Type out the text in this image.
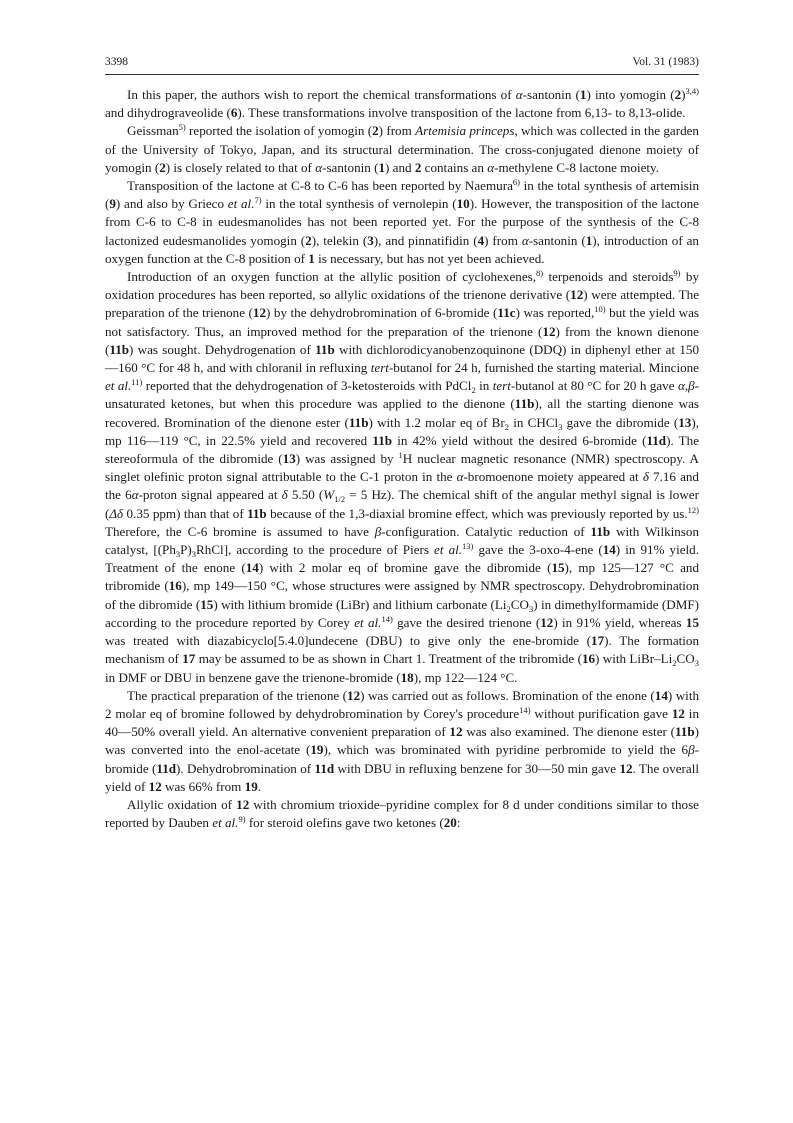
3398	Vol. 31 (1983)

In this paper, the authors wish to report the chemical transformations of α-santonin (1) into yomogin $(2)^{3,4)}$ and dihydrograveolide (6). These transformations involve transposition of the lactone from 6,13- to 8,13-olide.

Geissman$^{5)}$ reported the isolation of yomogin (2) from Artemisia princeps, which was collected in the garden of the University of Tokyo, Japan, and its structural determination. The cross-conjugated dienone moiety of yomogin (2) is closely related to that of α-santonin (1) and 2 contains an α-methylene C-8 lactone moiety.

Transposition of the lactone at C-8 to C-6 has been reported by Naemura$^{6)}$ in the total synthesis of artemisin (9) and also by Grieco et al.$^{7)}$ in the total synthesis of vernolepin (10). However, the transposition of the lactone from C-6 to C-8 in eudesmanolides has not been reported yet. For the purpose of the synthesis of the C-8 lactonized eudesmanolides yomogin (2), telekin (3), and pinnatifidin (4) from α-santonin (1), introduction of an oxygen function at the C-8 position of 1 is necessary, but has not yet been achieved.

Introduction of an oxygen function at the allylic position of cyclohexenes,$^{8)}$ terpenoids and steroids$^{9)}$ by oxidation procedures has been reported, so allylic oxidations of the trienone derivative (12) were attempted. The preparation of the trienone (12) by the dehydrobromination of 6-bromide (11c) was reported,$^{10)}$ but the yield was not satisfactory. Thus, an improved method for the preparation of the trienone (12) from the known dienone (11b) was sought. Dehydrogenation of 11b with dichlorodicyanobenzoquinone (DDQ) in diphenyl ether at 150—160 °C for 48 h, and with chloranil in refluxing tert-butanol for 24 h, furnished the starting material. Mincione et al.$^{11)}$ reported that the dehydrogenation of 3-ketosteroids with PdCl$_2$ in tert-butanol at 80 °C for 20 h gave α,β-unsaturated ketones, but when this procedure was applied to the dienone (11b), all the starting dienone was recovered. Bromination of the dienone ester (11b) with 1.2 molar eq of $Br_2$ in CHCl$_3$ gave the dibromide (13), mp 116—119 °C, in 22.5% yield and recovered 11b in 42% yield without the desired 6-bromide (11d). The stereoformula of the dibromide (13) was assigned by $^1$H nuclear magnetic resonance (NMR) spectroscopy. A singlet olefinic proton signal attributable to the C-1 proton in the α-bromoenone moiety appeared at δ 7.16 and the 6α-proton signal appeared at δ 5.50 ($W_{1/2} = 5$ Hz). The chemical shift of the angular methyl signal is lower (Δδ 0.35 ppm) than that of 11b because of the 1,3-diaxial bromine effect, which was previously reported by us.$^{12)}$ Therefore, the C-6 bromine is assumed to have β-configuration. Catalytic reduction of 11b with Wilkinson catalyst, $[(Ph_3P)_3RhCl]$, according to the procedure of Piers et al.$^{13)}$ gave the 3-oxo-4-ene (14) in 91% yield. Treatment of the enone (14) with 2 molar eq of bromine gave the dibromide (15), mp 125—127 °C and tribromide (16), mp 149—150 °C, whose structures were assigned by NMR spectroscopy. Dehydrobromination of the dibromide (15) with lithium bromide (LiBr) and lithium carbonate $(Li_2CO_3)$ in dimethylformamide (DMF) according to the procedure reported by Corey et al.$^{14)}$ gave the desired trienone (12) in 91% yield, whereas 15 was treated with diazabicyclo[5.4.0]undecene (DBU) to give only the ene-bromide (17). The formation mechanism of 17 may be assumed to be as shown in Chart 1. Treatment of the tribromide (16) with LiBr–$Li_2CO_3$ in DMF or DBU in benzene gave the trienone-bromide (18), mp 122—124 °C.

The practical preparation of the trienone (12) was carried out as follows. Bromination of the enone (14) with 2 molar eq of bromine followed by dehydrobromination by Corey's procedure$^{14)}$ without purification gave 12 in 40—50% overall yield. An alternative convenient preparation of 12 was also examined. The dienone ester (11b) was converted into the enol-acetate (19), which was brominated with pyridine perbromide to yield the 6β-bromide (11d). Dehydrobromination of 11d with DBU in refluxing benzene for 30—50 min gave 12. The overall yield of 12 was 66% from 19.

Allylic oxidation of 12 with chromium trioxide–pyridine complex for 8 d under conditions similar to those reported by Dauben et al.$^{9)}$ for steroid olefins gave two ketones (20:
